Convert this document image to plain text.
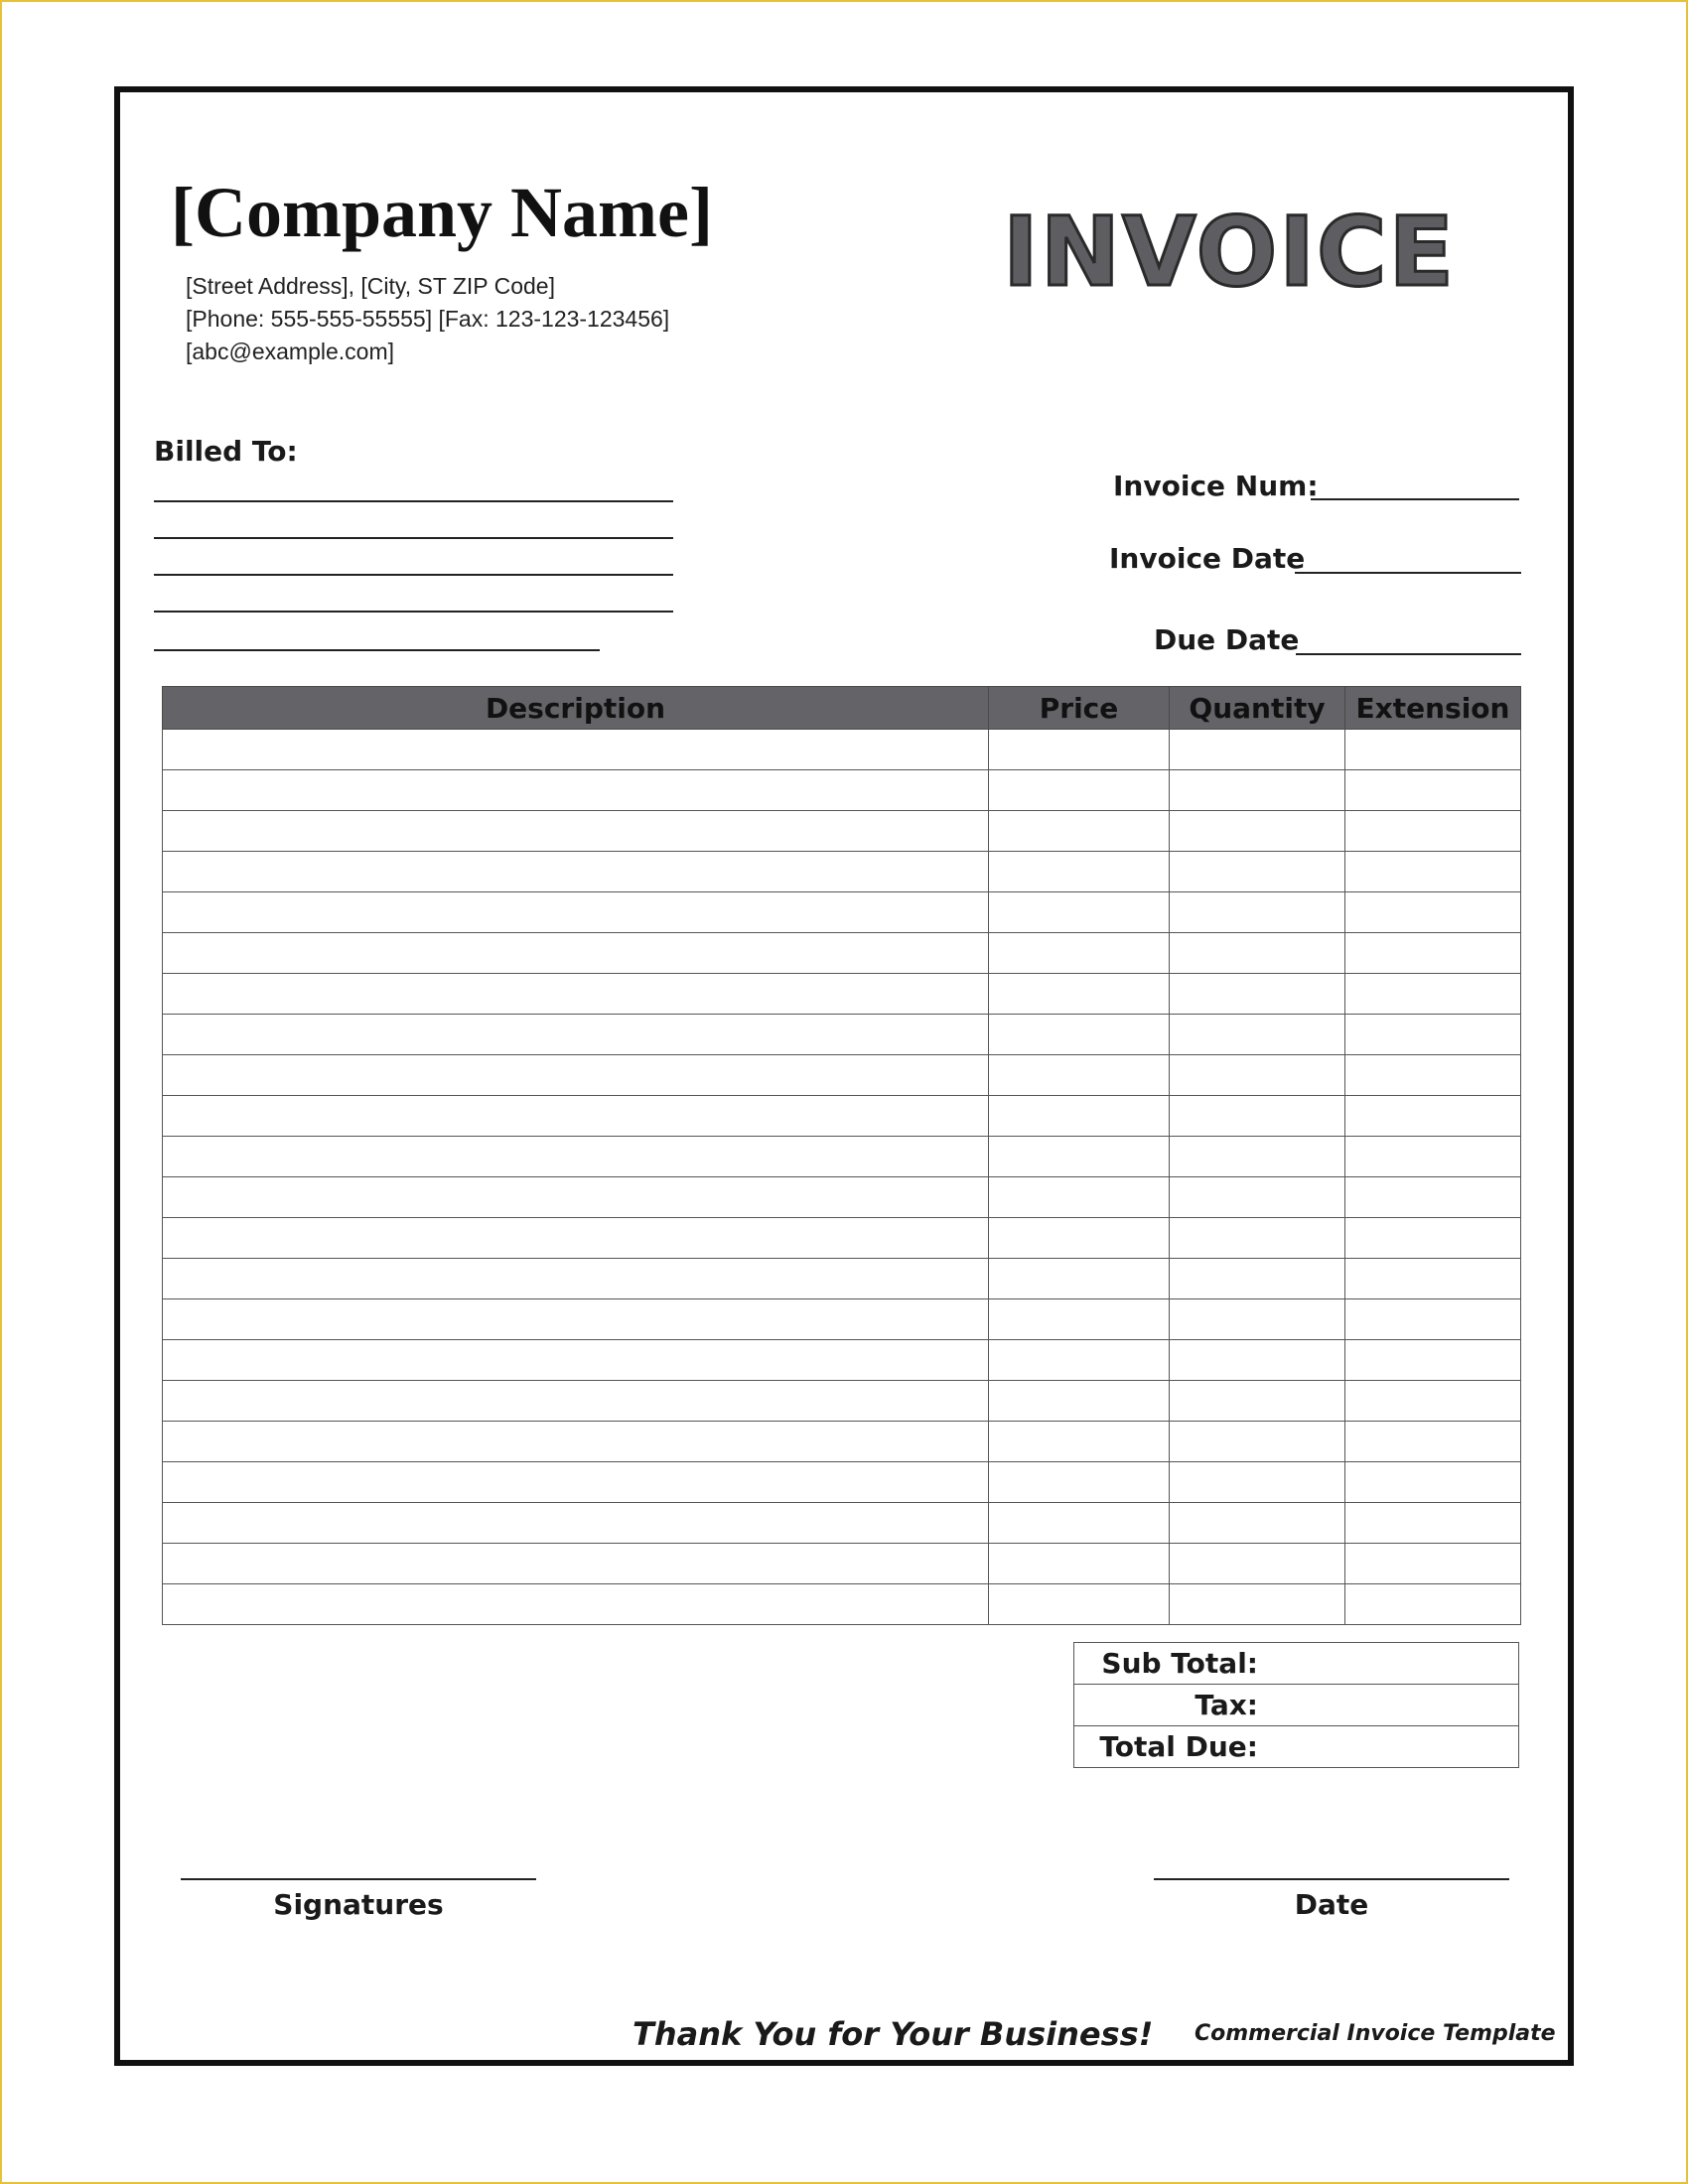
[Company Name]
[Street Address], [City, ST ZIP Code]
[Phone: 555-555-55555] [Fax: 123-123-123456]
[abc@example.com]
INVOICE
Billed To:
Invoice Num:
Invoice Date
Due Date
Description	Price	Quantity	Extension

Sub Total:	
Tax:	
Total Due:	
Signatures	Date
Thank You for Your Business! Commercial Invoice Template
